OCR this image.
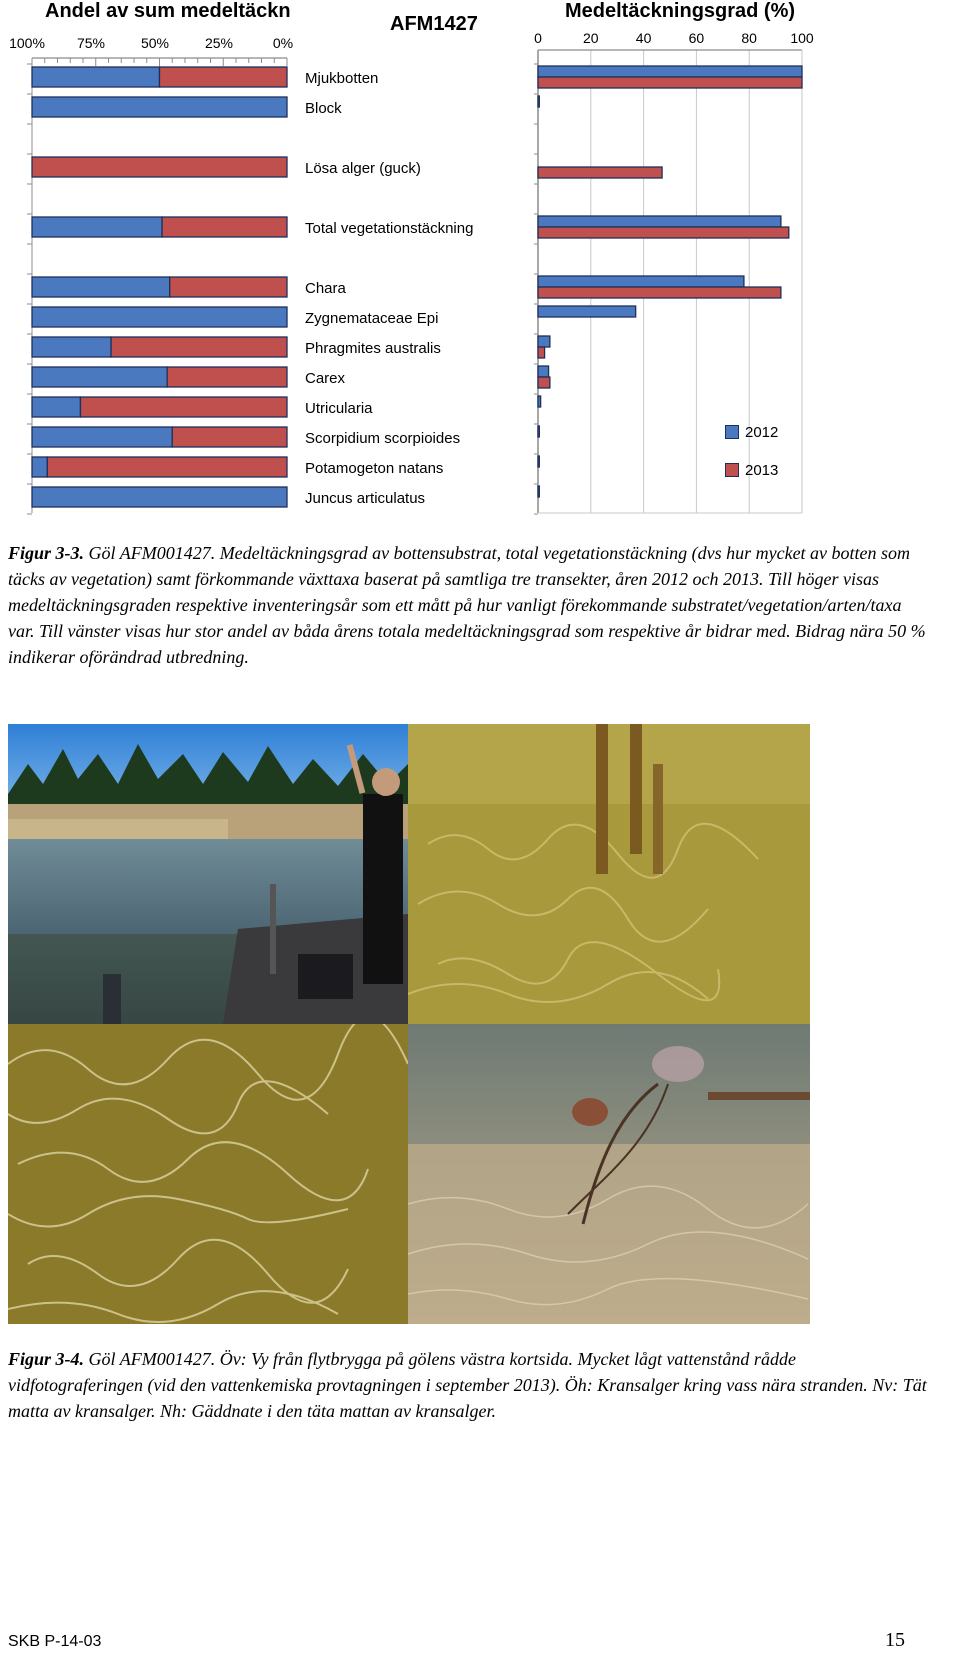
Andel av sum medeltäckn
AFM1427
Medeltäckningsgrad (%)
100% 75%	50%	25%	0%	0	20	40	60	80 100
Mjukbotten
Block
Lösa alger (guck)
Total vegetationstäckning
Chara
Zygnemataceae Epi
Phragmites australis
Carex
Utricularia
Scorpidium scorpioides
Potamogeton natans
Juncus articulatus
2012
2013
Figur 3-3. Göl AFM001427. Medeltäckningsgrad av bottensubstrat, total vegetationstäckning (dvs hur mycket av botten som täcks av vegetation) samt förkommande växttaxa baserat på samtliga tre transekter, åren 2012 och 2013. Till höger visas medeltäckningsgraden respektive inventeringsår som ett mått på hur vanligt förekommande substratet/vegetation/arten/taxa var. Till vänster visas hur stor andel av båda årens totala medeltäckningsgrad som respektive år bidrar med. Bidrag nära 50 % indikerar oförändrad utbredning.
Figur 3-4. Göl AFM001427. Öv: Vy från flytbrygga på gölens västra kortsida. Mycket lågt vattenstånd rådde vidfotograferingen (vid den vattenkemiska provtagningen i september 2013). Öh: Kransalger kring vass nära stranden. Nv: Tät matta av kransalger. Nh: Gäddnate i den täta mattan av kransalger.
SKB P-14-03	15
